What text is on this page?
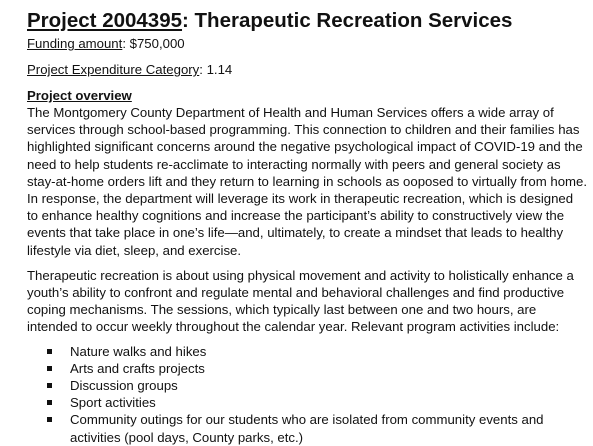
Project 2004395: Therapeutic Recreation Services

Funding amount: $750,000

Project Expenditure Category: 1.14

Project overview

The Montgomery County Department of Health and Human Services offers a wide array of services through school-based programming. This connection to children and their families has highlighted significant concerns around the negative psychological impact of COVID-19 and the need to help students re-acclimate to interacting normally with peers and general society as stay-at-home orders lift and they return to learning in schools as ooposed to virtually from home. In response, the department will leverage its work in therapeutic recreation, which is designed to enhance healthy cognitions and increase the participant’s ability to constructively view the events that take place in one’s life—and, ultimately, to create a mindset that leads to healthy lifestyle via diet, sleep, and exercise.

Therapeutic recreation is about using physical movement and activity to holistically enhance a youth’s ability to confront and regulate mental and behavioral challenges and find productive coping mechanisms. The sessions, which typically last between one and two hours, are intended to occur weekly throughout the calendar year. Relevant program activities include:

Nature walks and hikes
Arts and crafts projects
Discussion groups
Sport activities
Community outings for our students who are isolated from community events and activities (pool days, County parks, etc.)
